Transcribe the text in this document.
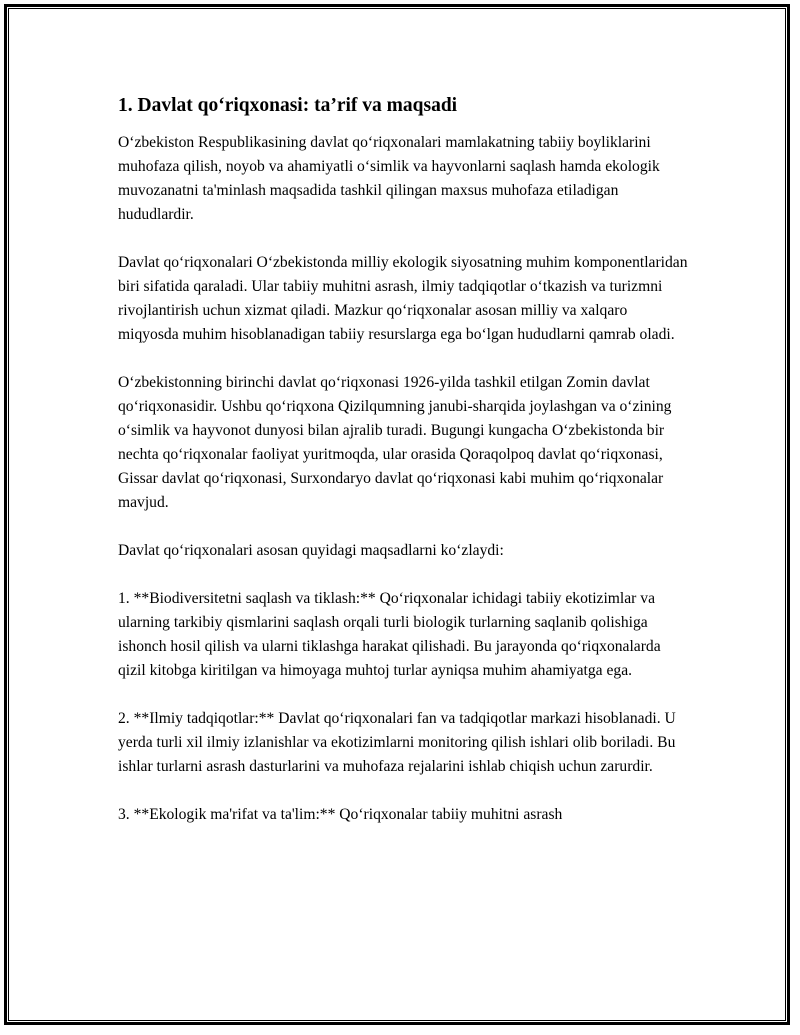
1. Davlat qo‘riqxonasi: ta’rif va maqsadi

O‘zbekiston Respublikasining davlat qo‘riqxonalari mamlakatning tabiiy boyliklarini muhofaza qilish, noyob va ahamiyatli o‘simlik va hayvonlarni saqlash hamda ekologik muvozanatni ta'minlash maqsadida tashkil qilingan maxsus muhofaza etiladigan hududlardir.

Davlat qo‘riqxonalari O‘zbekistonda milliy ekologik siyosatning muhim komponentlaridan biri sifatida qaraladi. Ular tabiiy muhitni asrash, ilmiy tadqiqotlar o‘tkazish va turizmni rivojlantirish uchun xizmat qiladi. Mazkur qo‘riqxonalar asosan milliy va xalqaro miqyosda muhim hisoblanadigan tabiiy resurslarga ega bo‘lgan hududlarni qamrab oladi.

O‘zbekistonning birinchi davlat qo‘riqxonasi 1926-yilda tashkil etilgan Zomin davlat qo‘riqxonasidir. Ushbu qo‘riqxona Qizilqumning janubi-sharqida joylashgan va o‘zining o‘simlik va hayvonot dunyosi bilan ajralib turadi. Bugungi kungacha O‘zbekistonda bir nechta qo‘riqxonalar faoliyat yuritmoqda, ular orasida Qoraqolpoq davlat qo‘riqxonasi, Gissar davlat qo‘riqxonasi, Surxondaryo davlat qo‘riqxonasi kabi muhim qo‘riqxonalar mavjud.

Davlat qo‘riqxonalari asosan quyidagi maqsadlarni ko‘zlaydi:

1. **Biodiversitetni saqlash va tiklash:** Qo‘riqxonalar ichidagi tabiiy ekotizimlar va ularning tarkibiy qismlarini saqlash orqali turli biologik turlarning saqlanib qolishiga ishonch hosil qilish va ularni tiklashga harakat qilishadi. Bu jarayonda qo‘riqxonalarda qizil kitobga kiritilgan va himoyaga muhtoj turlar ayniqsa muhim ahamiyatga ega.

2. **Ilmiy tadqiqotlar:** Davlat qo‘riqxonalari fan va tadqiqotlar markazi hisoblanadi. U yerda turli xil ilmiy izlanishlar va ekotizimlarni monitoring qilish ishlari olib boriladi. Bu ishlar turlarni asrash dasturlarini va muhofaza rejalarini ishlab chiqish uchun zarurdir.

3. **Ekologik ma'rifat va ta'lim:** Qo‘riqxonalar tabiiy muhitni asrash
